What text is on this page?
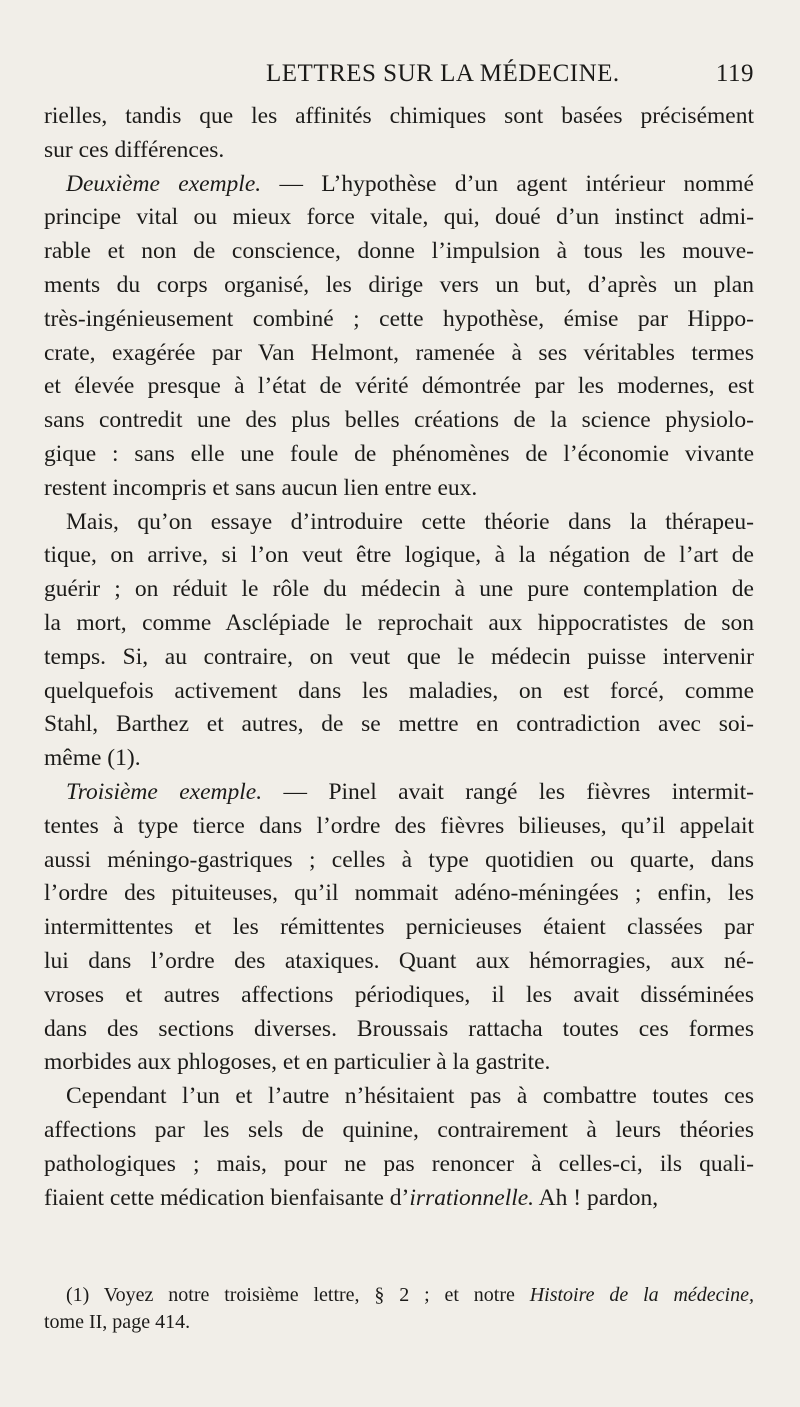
LETTRES SUR LA MÉDECINE.	119
rielles, tandis que les affinités chimiques sont basées précisément
sur ces différences.
Deuxième exemple. — L’hypothèse d’un agent intérieur nommé
principe vital ou mieux force vitale, qui, doué d’un instinct admi-
rable et non de conscience, donne l’impulsion à tous les mouve-
ments du corps organisé, les dirige vers un but, d’après un plan
très-ingénieusement combiné ; cette hypothèse, émise par Hippo-
crate, exagérée par Van Helmont, ramenée à ses véritables termes
et élevée presque à l’état de vérité démontrée par les modernes, est
sans contredit une des plus belles créations de la science physiolo-
gique : sans elle une foule de phénomènes de l’économie vivante
restent incompris et sans aucun lien entre eux.
Mais, qu’on essaye d’introduire cette théorie dans la thérapeu-
tique, on arrive, si l’on veut être logique, à la négation de l’art de
guérir ; on réduit le rôle du médecin à une pure contemplation de
la mort, comme Asclépiade le reprochait aux hippocratistes de son
temps. Si, au contraire, on veut que le médecin puisse intervenir
quelquefois activement dans les maladies, on est forcé, comme
Stahl, Barthez et autres, de se mettre en contradiction avec soi-
même (1).
Troisième exemple. — Pinel avait rangé les fièvres intermit-
tentes à type tierce dans l’ordre des fièvres bilieuses, qu’il appelait
aussi méningo-gastriques ; celles à type quotidien ou quarte, dans
l’ordre des pituiteuses, qu’il nommait adéno-méningées ; enfin, les
intermittentes et les rémittentes pernicieuses étaient classées par
lui dans l’ordre des ataxiques. Quant aux hémorragies, aux né-
vroses et autres affections périodiques, il les avait disséminées
dans des sections diverses. Broussais rattacha toutes ces formes
morbides aux phlogoses, et en particulier à la gastrite.
Cependant l’un et l’autre n’hésitaient pas à combattre toutes ces
affections par les sels de quinine, contrairement à leurs théories
pathologiques ; mais, pour ne pas renoncer à celles-ci, ils quali-
fiaient cette médication bienfaisante d’irrationnelle. Ah ! pardon,
(1) Voyez notre troisième lettre, § 2 ; et notre Histoire de la médecine,
tome II, page 414.
